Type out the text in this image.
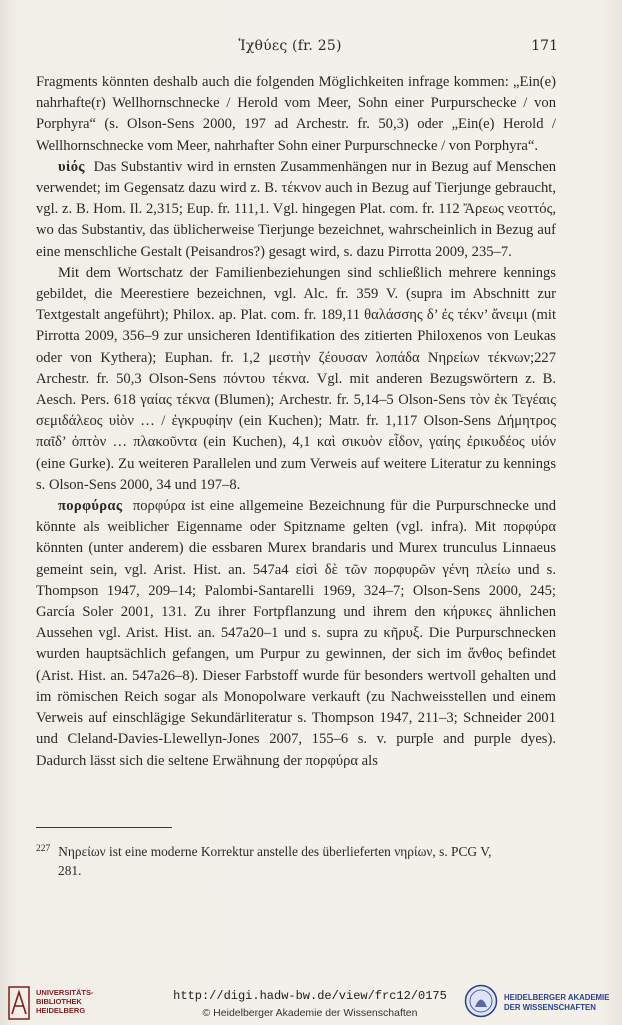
Ἰχθύες (fr. 25)	171

Fragments könnten deshalb auch die folgenden Möglichkeiten infrage kommen: „Ein(e) nahrhafte(r) Wellhornschnecke / Herold vom Meer, Sohn einer Purpurschecke / von Porphyra“ (s. Olson-Sens 2000, 197 ad Archestr. fr. 50,3) oder „Ein(e) Herold / Wellhornschnecke vom Meer, nahrhafter Sohn einer Purpurschnecke / von Porphyra“.

υἱός Das Substantiv wird in ernsten Zusammenhängen nur in Bezug auf Menschen verwendet; im Gegensatz dazu wird z. B. τέκνον auch in Bezug auf Tierjunge gebraucht, vgl. z. B. Hom. Il. 2,315; Eup. fr. 111,1. Vgl. hingegen Plat. com. fr. 112 Ἄρεως νεοττός, wo das Substantiv, das üblicherweise Tierjunge bezeichnet, wahrscheinlich in Bezug auf eine menschliche Gestalt (Peisandros?) gesagt wird, s. dazu Pirrotta 2009, 235–7.

Mit dem Wortschatz der Familienbeziehungen sind schließlich mehrere kennings gebildet, die Meerestiere bezeichnen, vgl. Alc. fr. 359 V. (supra im Abschnitt zur Textgestalt angeführt); Philox. ap. Plat. com. fr. 189,11 θαλάσσης δ’ ἐς τέκν’ ἄνειμι (mit Pirrotta 2009, 356–9 zur unsicheren Identifikation des zitierten Philoxenos von Leukas oder von Kythera); Euphan. fr. 1,2 μεστὴν ζέουσαν λοπάδα Νηρείων τέκνων;227 Archestr. fr. 50,3 Olson-Sens πόντου τέκνα. Vgl. mit anderen Bezugswörtern z. B. Aesch. Pers. 618 γαίας τέκνα (Blumen); Archestr. fr. 5,14–5 Olson-Sens τὸν ἐκ Τεγέαις σεμιδάλεος υἱὸν … / ἐγκρυφίην (ein Kuchen); Matr. fr. 1,117 Olson-Sens Δήμητρος παῖδ’ ὀπτὸν … πλακοῦντα (ein Kuchen), 4,1 καὶ σικυὸν εἶδον, γαίης ἐρικυδέος υἱόν (eine Gurke). Zu weiteren Parallelen und zum Verweis auf weitere Literatur zu kennings s. Olson-Sens 2000, 34 und 197–8.

πορφύρας πορφύρα ist eine allgemeine Bezeichnung für die Purpurschnecke und könnte als weiblicher Eigenname oder Spitzname gelten (vgl. infra). Mit πορφύρα könnten (unter anderem) die essbaren Murex brandaris und Murex trunculus Linnaeus gemeint sein, vgl. Arist. Hist. an. 547a4 εἰσὶ δὲ τῶν πορφυρῶν γένη πλείω und s. Thompson 1947, 209–14; Palombi-Santarelli 1969, 324–7; Olson-Sens 2000, 245; García Soler 2001, 131. Zu ihrer Fortpflanzung und ihrem den κήρυκες ähnlichen Aussehen vgl. Arist. Hist. an. 547a20–1 und s. supra zu κῆρυξ. Die Purpurschnecken wurden hauptsächlich gefangen, um Purpur zu gewinnen, der sich im ἄνθος befindet (Arist. Hist. an. 547a26–8). Dieser Farbstoff wurde für besonders wertvoll gehalten und im römischen Reich sogar als Monopolware verkauft (zu Nachweisstellen und einem Verweis auf einschlägige Sekundärliteratur s. Thompson 1947, 211–3; Schneider 2001 und Cleland-Davies-Llewellyn-Jones 2007, 155–6 s. v. purple and purple dyes). Dadurch lässt sich die seltene Erwähnung der πορφύρα als

$^{227}$ Νηρείων ist eine moderne Korrektur anstelle des überlieferten νηρίων, s. PCG V,
281.
UNIVERSITÄTS-
BIBLIOTHEK
HEIDELBERG
http://digi.hadw-bw.de/view/frc12/0175
© Heidelberger Akademie der Wissenschaften
HEIDELBERGER AKADEMIE
DER WISSENSCHAFTEN
